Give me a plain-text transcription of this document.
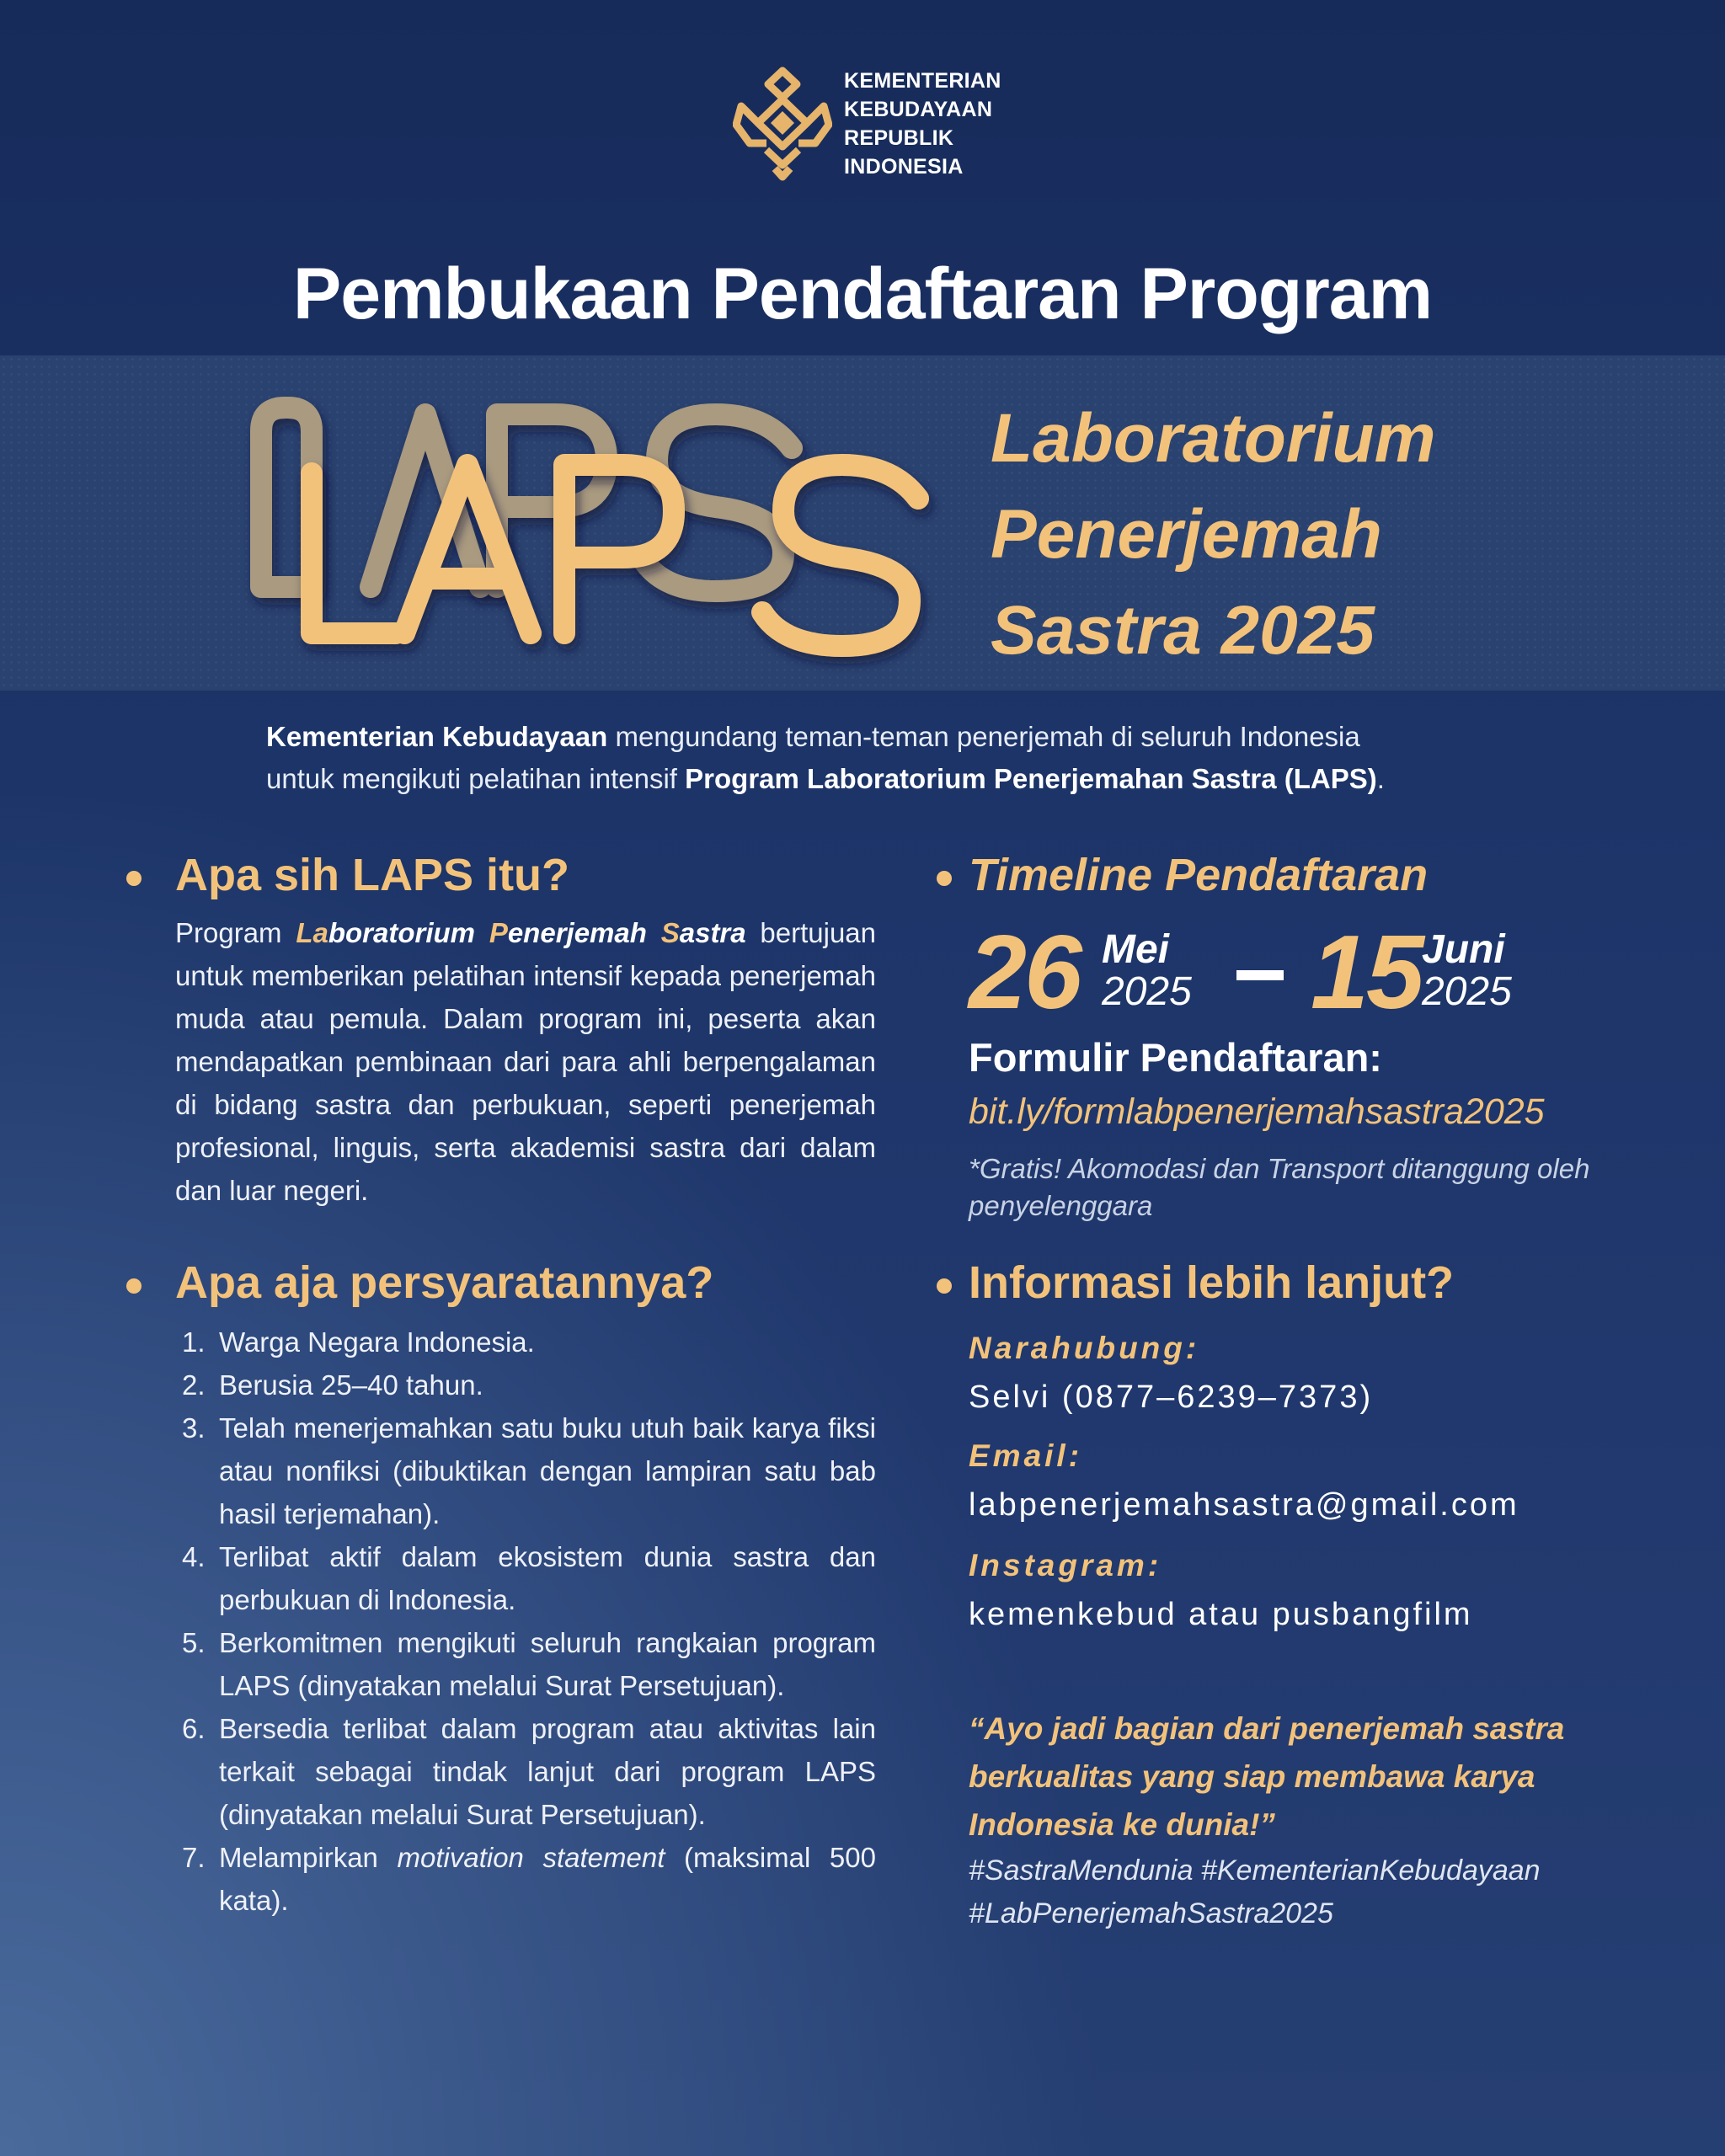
KEMENTERIAN
KEBUDAYAAN
REPUBLIK
INDONESIA
Pembukaan Pendaftaran Program
Laboratorium
Penerjemah
Sastra 2025
Kementerian Kebudayaan mengundang teman-teman penerjemah di seluruh Indonesia
untuk mengikuti pelatihan intensif Program Laboratorium Penerjemahan Sastra (LAPS).
Apa sih LAPS itu?
Program Laboratorium Penerjemah Sastra bertujuan untuk memberikan pelatihan intensif kepada penerjemah muda atau pemula. Dalam program ini, peserta akan mendapatkan pembinaan dari para ahli berpengalaman di bidang sastra dan perbukuan, seperti penerjemah profesional, linguis, serta akademisi sastra dari dalam dan luar negeri.
Apa aja persyaratannya?
1. Warga Negara Indonesia.
2. Berusia 25–40 tahun.
3. Telah menerjemahkan satu buku utuh baik karya fiksi atau nonfiksi (dibuktikan dengan lampiran satu bab hasil terjemahan).
4. Terlibat aktif dalam ekosistem dunia sastra dan perbukuan di Indonesia.
5. Berkomitmen mengikuti seluruh rangkaian program LAPS (dinyatakan melalui Surat Persetujuan).
6. Bersedia terlibat dalam program atau aktivitas lain terkait sebagai tindak lanjut dari program LAPS (dinyatakan melalui Surat Persetujuan).
7. Melampirkan motivation statement (maksimal 500 kata).
Timeline Pendaftaran
26 Mei
2025 15 Juni
2025
Formulir Pendaftaran:
bit.ly/formlabpenerjemahsastra2025
*Gratis! Akomodasi dan Transport ditanggung oleh penyelenggara
Informasi lebih lanjut?
Narahubung:
Selvi (0877–6239–7373)
Email:
labpenerjemahsastra@gmail.com
Instagram:
kemenkebud atau pusbangfilm
“Ayo jadi bagian dari penerjemah sastra berkualitas yang siap membawa karya Indonesia ke dunia!”
#SastraMendunia #KementerianKebudayaan
#LabPenerjemahSastra2025
